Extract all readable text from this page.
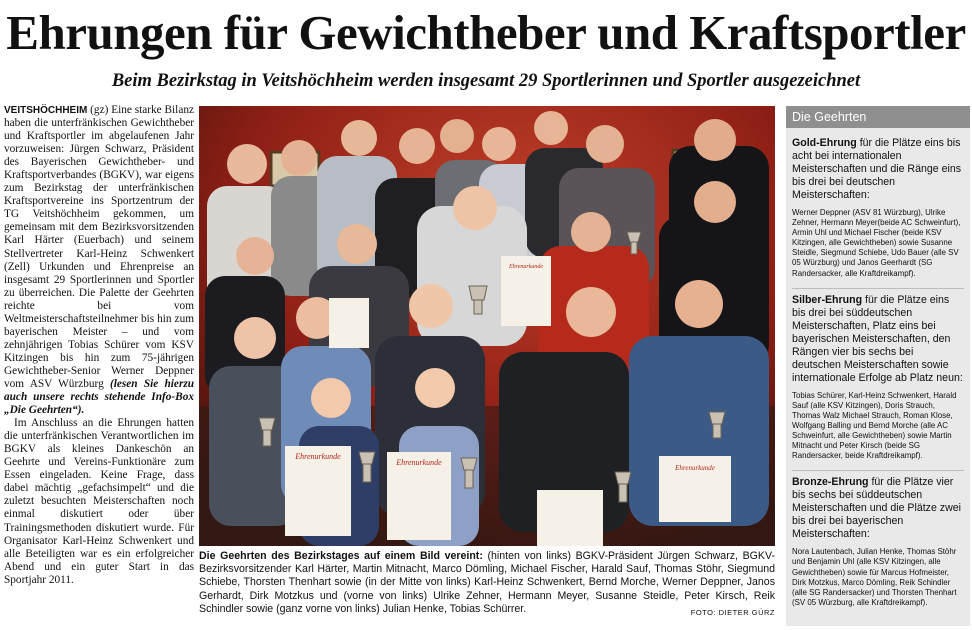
Ehrungen für Gewichtheber und Kraftsportler
Beim Bezirkstag in Veitshöchheim werden insgesamt 29 Sportlerinnen und Sportler ausgezeichnet

VEITSHÖCHHEIM (gz) Eine starke Bilanz haben die unterfränkischen Gewichtheber und Kraftsportler im abgelaufenen Jahr vorzuweisen: Jürgen Schwarz, Präsident des Bayerischen Gewichtheber- und Kraftsportverbandes (BGKV), war eigens zum Bezirkstag der unterfränkischen Kraftsportvereine ins Sportzentrum der TG Veitshöchheim gekommen, um gemeinsam mit dem Bezirksvorsitzenden Karl Härter (Euerbach) und seinem Stellvertreter Karl-Heinz Schwenkert (Zell) Urkunden und Ehrenpreise an insgesamt 29 Sportlerinnen und Sportler zu überreichen. Die Palette der Geehrten reichte bei vom Weltmeisterschaftsteilnehmer bis hin zum bayerischen Meister – und vom zehnjährigen Tobias Schürer vom KSV Kitzingen bis hin zum 75-jährigen Gewichtheber-Senior Werner Deppner vom ASV Würzburg (lesen Sie hierzu auch unsere rechts stehende Info-Box „Die Geehrten“).

Im Anschluss an die Ehrungen hatten die unterfränkischen Verantwortlichen im BGKV als kleines Dankeschön an Geehrte und Vereins-Funktionäre zum Essen eingeladen. Keine Frage, dass dabei mächtig „gefachsimpelt“ und die zuletzt besuchten Meisterschaften noch einmal diskutiert oder über Trainingsmethoden diskutiert wurde. Für Organisator Karl-Heinz Schwenkert und alle Beteiligten war es ein erfolgreicher Abend und ein guter Start in das Sportjahr 2011.

Ehrenurkunde
Ehrenurkunde
Ehrenurkunde
Ehrenurkunde
Die Geehrten des Bezirkstages auf einem Bild vereint: (hinten von links) BGKV-Präsident Jürgen Schwarz, BGKV-Bezirksvorsitzender Karl Härter, Martin Mitnacht, Marco Dömling, Michael Fischer, Harald Sauf, Thomas Stöhr, Siegmund Schiebe, Thorsten Thenhart sowie (in der Mitte von links) Karl-Heinz Schwenkert, Bernd Morche, Werner Deppner, Janos Gerhardt, Dirk Motzkus und (vorne von links) Ulrike Zehner, Hermann Meyer, Susanne Steidle, Peter Kirsch, Reik Schindler sowie (ganz vorne von links) Julian Henke, Tobias Schürrer.	FOTO: DIETER GÜRZ
Die Geehrten
Gold-Ehrung für die Plätze eins bis acht bei internationalen Meisterschaften und die Ränge eins bis drei bei deutschen Meisterschaften:
Werner Deppner (ASV 81 Würzburg), Ulrike Zehner, Hermann Meyer(beide AC Schweinfurt), Armin Uhl und Michael Fischer (beide KSV Kitzingen, alle Gewichtheben) sowie Susanne Steidle, Siegmund Schiebe, Udo Bauer (alle SV 05 Würzburg) und Janos Geerhardt (SG Randersacker, alle Kraftdreikampf).
Silber-Ehrung für die Plätze eins bis drei bei süddeutschen Meisterschaften, Platz eins bei bayerischen Meisterschaften, den Rängen vier bis sechs bei deutschen Meisterschaften sowie internationale Erfolge ab Platz neun:
Tobias Schürer, Karl-Heinz Schwenkert, Harald Sauf (alle KSV Kitzingen), Doris Strauch, Thomas Walz Michael Strauch, Roman Klose, Wolfgang Balling und Bernd Morche (alle AC Schweinfurt, alle Gewichtheben) sowie Martin Mitnacht und Peter Kirsch (beide SG Randersacker, beide Kraftdreikampf).
Bronze-Ehrung für die Plätze vier bis sechs bei süddeutschen Meisterschaften und die Plätze zwei bis drei bei bayerischen Meisterschaften:
Nora Lautenbach, Julian Henke, Thomas Stöhr und Benjamin Uhl (alle KSV Kitzingen, alle Gewichtheben) sowie für Marcus Hofmeister, Dirk Motzkus, Marco Dömling, Reik Schindler (alle SG Randersacker) und Thorsten Thenhart (SV 05 Würzburg, alle Kraftdreikampf).
